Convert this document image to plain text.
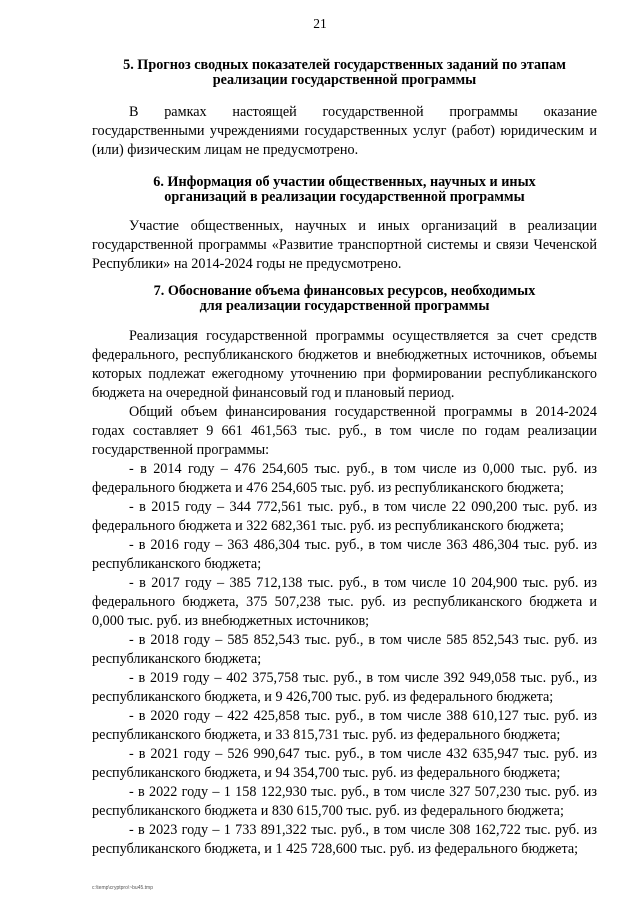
21
5. Прогноз сводных показателей государственных заданий по этапам
реализации государственной программы

В рамках настоящей государственной программы оказание государственными учреждениями государственных услуг (работ) юридическим и (или) физическим лицам не предусмотрено.

6. Информация об участии общественных, научных и иных
организаций в реализации государственной программы

Участие общественных, научных и иных организаций в реализации государственной программы «Развитие транспортной системы и связи Чеченской Республики» на 2014-2024 годы не предусмотрено.

7. Обоснование объема финансовых ресурсов, необходимых
для реализации государственной программы

Реализация государственной программы осуществляется за счет средств федерального, республиканского бюджетов и внебюджетных источников, объемы которых подлежат ежегодному уточнению при формировании республиканского бюджета на очередной финансовый год и плановый период.

Общий объем финансирования государственной программы в 2014-2024 годах составляет 9 661 461,563 тыс. руб., в том числе по годам реализации государственной программы:

- в 2014 году – 476 254,605 тыс. руб., в том числе из 0,000 тыс. руб. из федерального бюджета и 476 254,605 тыс. руб. из республиканского бюджета;

- в 2015 году – 344 772,561 тыс. руб., в том числе 22 090,200 тыс. руб. из федерального бюджета и 322 682,361 тыс. руб. из республиканского бюджета;

- в 2016 году – 363 486,304 тыс. руб., в том числе 363 486,304 тыс. руб. из республиканского бюджета;

- в 2017 году – 385 712,138 тыс. руб., в том числе 10 204,900 тыс. руб. из федерального бюджета, 375 507,238 тыс. руб. из республиканского бюджета и 0,000 тыс. руб. из внебюджетных источников;

- в 2018 году – 585 852,543 тыс. руб., в том числе 585 852,543 тыс. руб. из республиканского бюджета;

- в 2019 году – 402 375,758 тыс. руб., в том числе 392 949,058 тыс. руб., из республиканского бюджета, и 9 426,700 тыс. руб. из федерального бюджета;

- в 2020 году – 422 425,858 тыс. руб., в том числе 388 610,127 тыс. руб. из республиканского бюджета, и 33 815,731 тыс. руб. из федерального бюджета;

- в 2021 году – 526 990,647 тыс. руб., в том числе 432 635,947 тыс. руб. из республиканского бюджета, и 94 354,700 тыс. руб. из федерального бюджета;

- в 2022 году – 1 158 122,930 тыс. руб., в том числе 327 507,230 тыс. руб. из республиканского бюджета и 830 615,700 тыс. руб. из федерального бюджета;

- в 2023 году – 1 733 891,322 тыс. руб., в том числе 308 162,722 тыс. руб. из республиканского бюджета, и 1 425 728,600 тыс. руб. из федерального бюджета;

c:\temp\cryptpro\~bu45.tmp
